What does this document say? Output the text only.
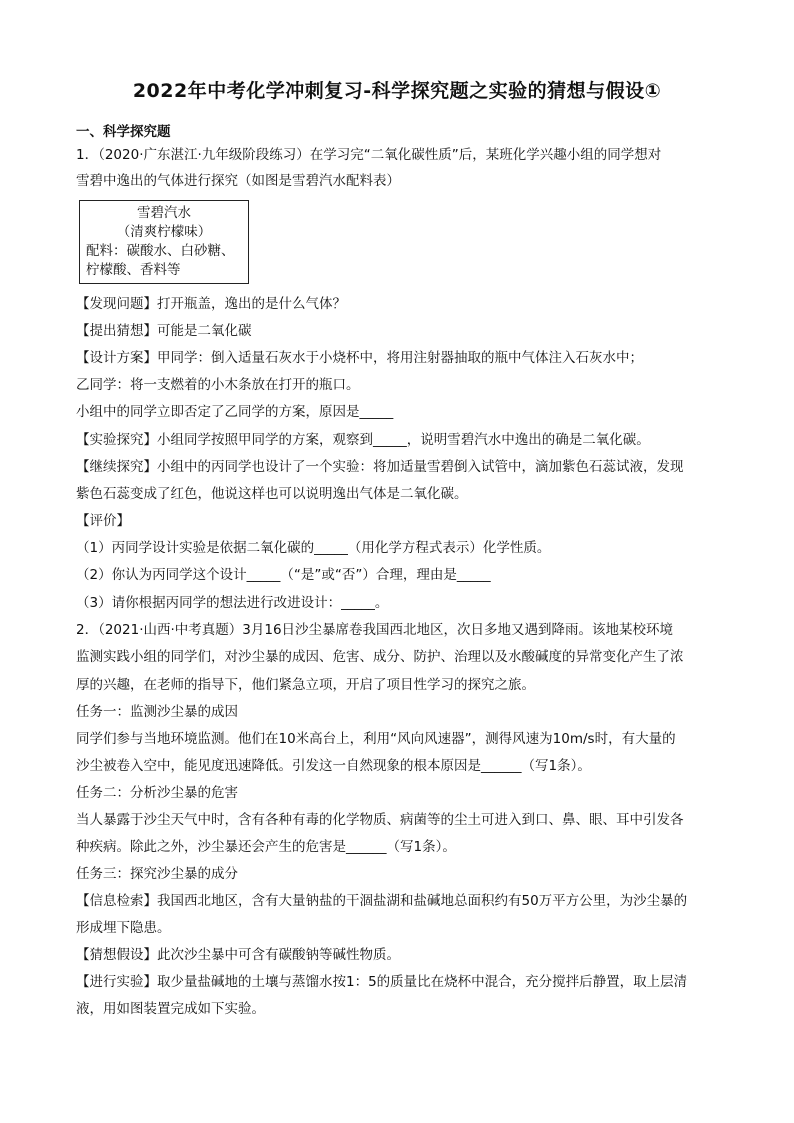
2022年中考化学冲刺复习-科学探究题之实验的猜想与假设①
一、科学探究题
1．（2020·广东湛江·九年级阶段练习）在学习完“二氧化碳性质”后，某班化学兴趣小组的同学想对
雪碧中逸出的气体进行探究（如图是雪碧汽水配料表）
雪碧汽水
（清爽柠檬味）
配料：碳酸水、白砂糖、
柠檬酸、香料等
【发现问题】打开瓶盖，逸出的是什么气体？
【提出猜想】可能是二氧化碳
【设计方案】甲同学：倒入适量石灰水于小烧杯中，将用注射器抽取的瓶中气体注入石灰水中；
乙同学：将一支燃着的小木条放在打开的瓶口。
小组中的同学立即否定了乙同学的方案，原因是_____
【实验探究】小组同学按照甲同学的方案，观察到_____，说明雪碧汽水中逸出的确是二氧化碳。
【继续探究】小组中的丙同学也设计了一个实验：将加适量雪碧倒入试管中，滴加紫色石蕊试液，发现
紫色石蕊变成了红色，他说这样也可以说明逸出气体是二氧化碳。
【评价】
（1）丙同学设计实验是依据二氧化碳的_____（用化学方程式表示）化学性质。
（2）你认为丙同学这个设计_____（“是”或“否”）合理，理由是_____
（3）请你根据丙同学的想法进行改进设计：_____。
2．（2021·山西·中考真题）3月16日沙尘暴席卷我国西北地区，次日多地又遇到降雨。该地某校环境
监测实践小组的同学们，对沙尘暴的成因、危害、成分、防护、治理以及水酸碱度的异常变化产生了浓
厚的兴趣，在老师的指导下，他们紧急立项，开启了项目性学习的探究之旅。
任务一：监测沙尘暴的成因
同学们参与当地环境监测。他们在10米高台上，利用“风向风速器”，测得风速为10m/s时，有大量的
沙尘被卷入空中，能见度迅速降低。引发这一自然现象的根本原因是______（写1条）。
任务二：分析沙尘暴的危害
当人暴露于沙尘天气中时，含有各种有毒的化学物质、病菌等的尘土可进入到口、鼻、眼、耳中引发各
种疾病。除此之外，沙尘暴还会产生的危害是______（写1条）。
任务三：探究沙尘暴的成分
【信息检索】我国西北地区，含有大量钠盐的干涸盐湖和盐碱地总面积约有50万平方公里，为沙尘暴的
形成埋下隐患。
【猜想假设】此次沙尘暴中可含有碳酸钠等碱性物质。
【进行实验】取少量盐碱地的土壤与蒸馏水按1：5的质量比在烧杯中混合，充分搅拌后静置，取上层清
液，用如图装置完成如下实验。
